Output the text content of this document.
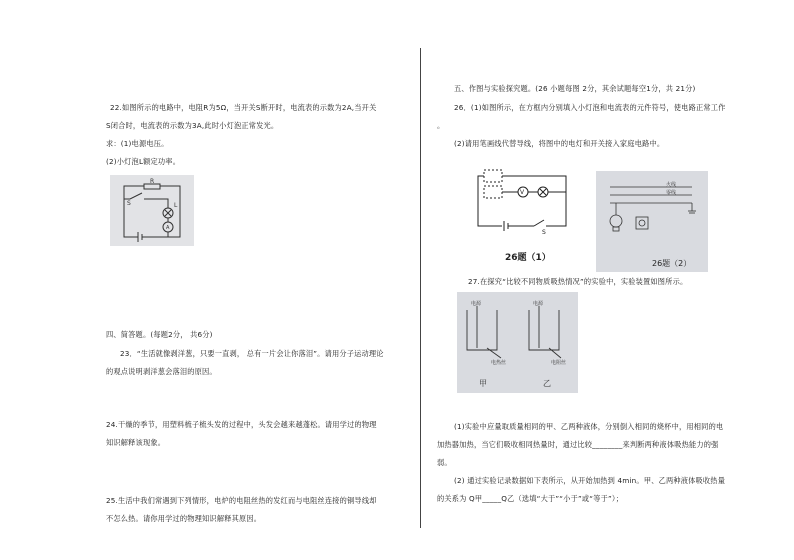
22.如图所示的电路中，电阻R为5Ω，当开关S断开时，电流表的示数为2A,当开关
S闭合时，电流表的示数为3A,此时小灯泡正常发光。
求：(1)电源电压。
(2)小灯泡L额定功率。
R
S	L
A
四、简答题。(每题2分， 共6分)
23．“生活就像剥洋葱，只要一直剥， 总有一片会让你落泪”。请用分子运动理论
的观点说明剥洋葱会落泪的原因。
24.干燥的季节，用塑料梳子梳头发的过程中，头发会越来越蓬松。请用学过的物理
知识解释该现象。
25.生活中我们常遇到下列情形，电炉的电阻丝热的发红而与电阻丝连接的铜导线却
不怎么热。请你用学过的物理知识解释其原因。
五、作图与实验探究题。(26 小题每图 2分，其余试题每空1分，共 21分)
26．(1)如图所示，在方框内分别填入小灯泡和电流表的元件符号，使电路正常工作
。
(2)请用笔画线代替导线，将图中的电灯和开关接入家庭电路中。
V
S
26题（1）
火线
零线
26题（2）
27.在探究“比较不同物质吸热情况”的实验中，实验装置如图所示。
电源	电源
电热丝	电阻丝
甲	乙
(1)实验中应量取质量相同的甲、乙两种液体，分别倒入相同的烧杯中，用相同的电
加热器加热，当它们吸收相同热量时，通过比较________来判断两种液体吸热能力的强
弱。
(2) 通过实验记录数据如下表所示，从开始加热到 4min。甲、乙两种液体吸收热量
的关系为 Q甲_____Q乙（选填“大于”“小于”或“等于”）；
